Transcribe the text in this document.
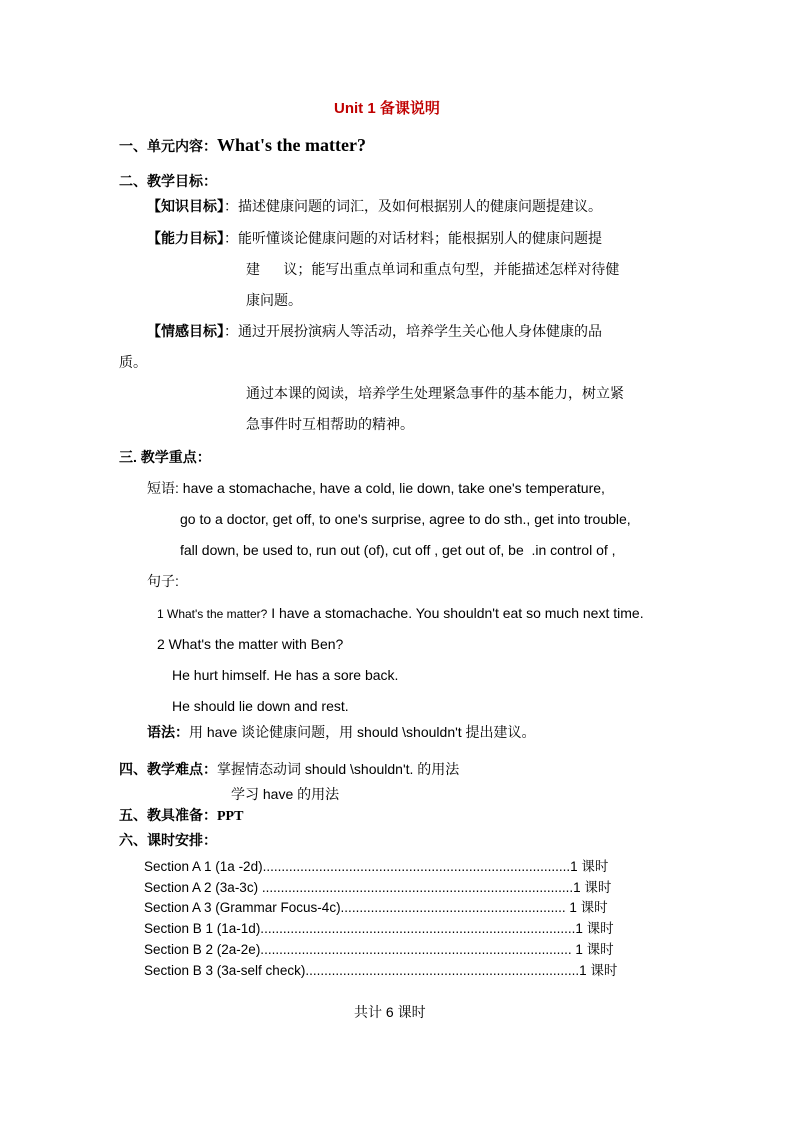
Unit 1 备课说明
一、单元内容：What's the matter?
二、教学目标：
【知识目标】：描述健康问题的词汇，及如何根据别人的健康问题提建议。
【能力目标】：能听懂谈论健康问题的对话材料；能根据别人的健康问题提
建      议；能写出重点单词和重点句型，并能描述怎样对待健
康问题。
【情感目标】：通过开展扮演病人等活动，培养学生关心他人身体健康的品
质。
通过本课的阅读，培养学生处理紧急事件的基本能力，树立紧
急事件时互相帮助的精神。
三. 教学重点：
短语: have a stomachache, have a cold, lie down, take one's temperature,
go to a doctor, get off, to one's surprise, agree to do sth., get into trouble,
fall down, be used to, run out (of), cut off , get out of, be  .in control of ,
句子:
1 What's the matter? I have a stomachache. You shouldn't eat so much next time.
2 What's the matter with Ben?
He hurt himself. He has a sore back.
He should lie down and rest.
语法：用 have 谈论健康问题，用 should \shouldn't 提出建议。
四、教学难点：掌握情态动词 should \shouldn't. 的用法
学习 have 的用法
五、教具准备：PPT
六、课时安排：
Section A 1 (1a -2d)..................................................................................1 课时
Section A 2 (3a-3c) ...................................................................................1 课时
Section A 3 (Grammar Focus-4c)............................................................ 1 课时
Section B 1 (1a-1d)....................................................................................1 课时
Section B 2 (2a-2e)................................................................................... 1 课时
Section B 3 (3a-self check).........................................................................1 课时
共计 6 课时
